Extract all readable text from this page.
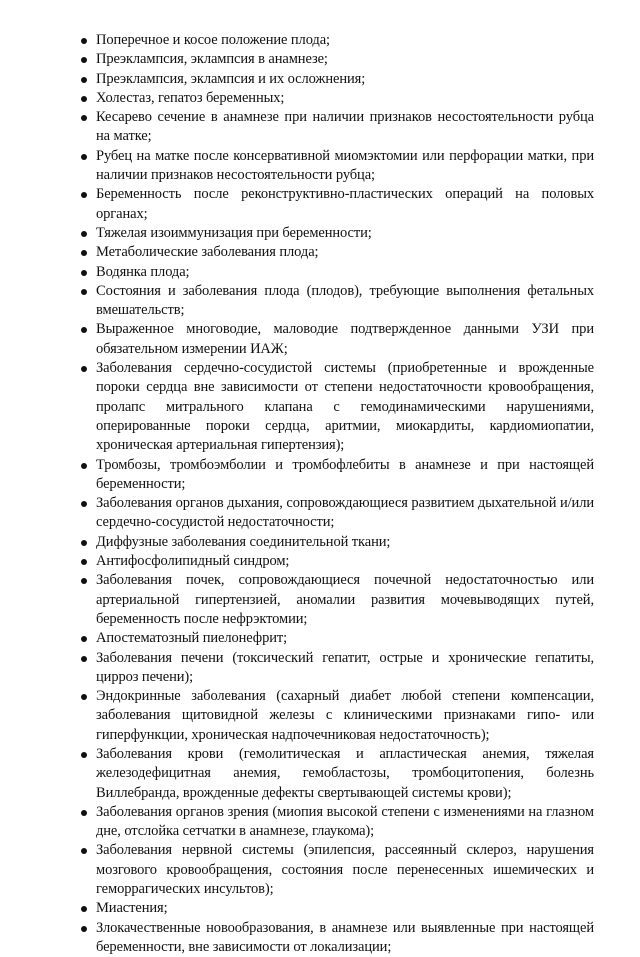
Поперечное и косое положение плода;
Преэклампсия, эклампсия в анамнезе;
Преэклампсия, эклампсия и их осложнения;
Холестаз, гепатоз беременных;
Кесарево сечение в анамнезе при наличии признаков несостоятельности рубца на матке;
Рубец на матке после консервативной миомэктомии или перфорации матки, при наличии признаков несостоятельности рубца;
Беременность после реконструктивно-пластических операций на половых органах;
Тяжелая изоиммунизация при беременности;
Метаболические заболевания плода;
Водянка плода;
Состояния и заболевания плода (плодов), требующие выполнения фетальных вмешательств;
Выраженное многоводие, маловодие подтвержденное данными УЗИ при обязательном измерении ИАЖ;
Заболевания сердечно-сосудистой системы (приобретенные и врожденные пороки сердца вне зависимости от степени недостаточности кровообращения, пролапс митрального клапана с гемодинамическими нарушениями, оперированные пороки сердца, аритмии, миокардиты, кардиомиопатии, хроническая артериальная гипертензия);
Тромбозы, тромбоэмболии и тромбофлебиты в анамнезе и при настоящей беременности;
Заболевания органов дыхания, сопровождающиеся развитием дыхательной и/или сердечно-сосудистой недостаточности;
Диффузные заболевания соединительной ткани;
Антифосфолипидный синдром;
Заболевания почек, сопровождающиеся почечной недостаточностью или артериальной гипертензией, аномалии развития мочевыводящих путей, беременность после нефрэктомии;
Апостематозный пиелонефрит;
Заболевания печени (токсический гепатит, острые и хронические гепатиты, цирроз печени);
Эндокринные заболевания (сахарный диабет любой степени компенсации, заболевания щитовидной железы с клиническими признаками гипо- или гиперфункции, хроническая надпочечниковая недостаточность);
Заболевания крови (гемолитическая и апластическая анемия, тяжелая железодефицитная анемия, гемобластозы, тромбоцитопения, болезнь Виллебранда, врожденные дефекты свертывающей системы крови);
Заболевания органов зрения (миопия высокой степени с изменениями на глазном дне, отслойка сетчатки в анамнезе, глаукома);
Заболевания нервной системы (эпилепсия, рассеянный склероз, нарушения мозгового кровообращения, состояния после перенесенных ишемических и геморрагических инсультов);
Миастения;
Злокачественные новообразования, в анамнезе или выявленные при настоящей беременности, вне зависимости от локализации;
